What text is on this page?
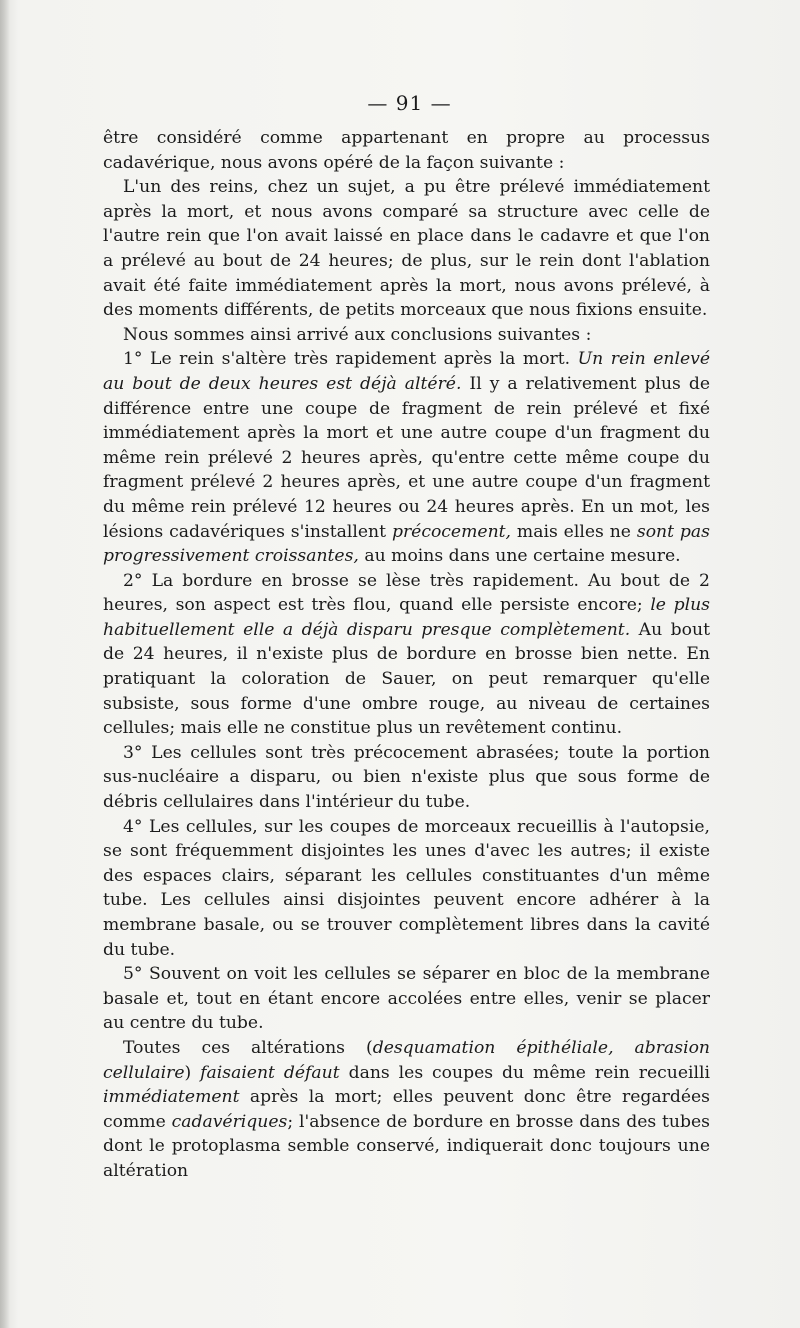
— 91 —

être considéré comme appartenant en propre au processus cadavérique, nous avons opéré de la façon suivante :

L'un des reins, chez un sujet, a pu être prélevé immédiatement après la mort, et nous avons comparé sa structure avec celle de l'autre rein que l'on avait laissé en place dans le cadavre et que l'on a prélevé au bout de 24 heures; de plus, sur le rein dont l'ablation avait été faite immédiatement après la mort, nous avons prélevé, à des moments différents, de petits morceaux que nous fixions ensuite.

Nous sommes ainsi arrivé aux conclusions suivantes :

1° Le rein s'altère très rapidement après la mort. Un rein enlevé au bout de deux heures est déjà altéré. Il y a relativement plus de différence entre une coupe de fragment de rein prélevé et fixé immédiatement après la mort et une autre coupe d'un fragment du même rein prélevé 2 heures après, qu'entre cette même coupe du fragment prélevé 2 heures après, et une autre coupe d'un fragment du même rein prélevé 12 heures ou 24 heures après. En un mot, les lésions cadavériques s'installent précocement, mais elles ne sont pas progressivement croissantes, au moins dans une certaine mesure.

2° La bordure en brosse se lèse très rapidement. Au bout de 2 heures, son aspect est très flou, quand elle persiste encore; le plus habituellement elle a déjà disparu presque complètement. Au bout de 24 heures, il n'existe plus de bordure en brosse bien nette. En pratiquant la coloration de Sauer, on peut remarquer qu'elle subsiste, sous forme d'une ombre rouge, au niveau de certaines cellules; mais elle ne constitue plus un revêtement continu.

3° Les cellules sont très précocement abrasées; toute la portion sus-nucléaire a disparu, ou bien n'existe plus que sous forme de débris cellulaires dans l'intérieur du tube.

4° Les cellules, sur les coupes de morceaux recueillis à l'autopsie, se sont fréquemment disjointes les unes d'avec les autres; il existe des espaces clairs, séparant les cellules constituantes d'un même tube. Les cellules ainsi disjointes peuvent encore adhérer à la membrane basale, ou se trouver complètement libres dans la cavité du tube.

5° Souvent on voit les cellules se séparer en bloc de la membrane basale et, tout en étant encore accolées entre elles, venir se placer au centre du tube.

Toutes ces altérations (desquamation épithéliale, abrasion cellulaire) faisaient défaut dans les coupes du même rein recueilli immédiatement après la mort; elles peuvent donc être regardées comme cadavériques; l'absence de bordure en brosse dans des tubes dont le protoplasma semble conservé, indiquerait donc toujours une altération
